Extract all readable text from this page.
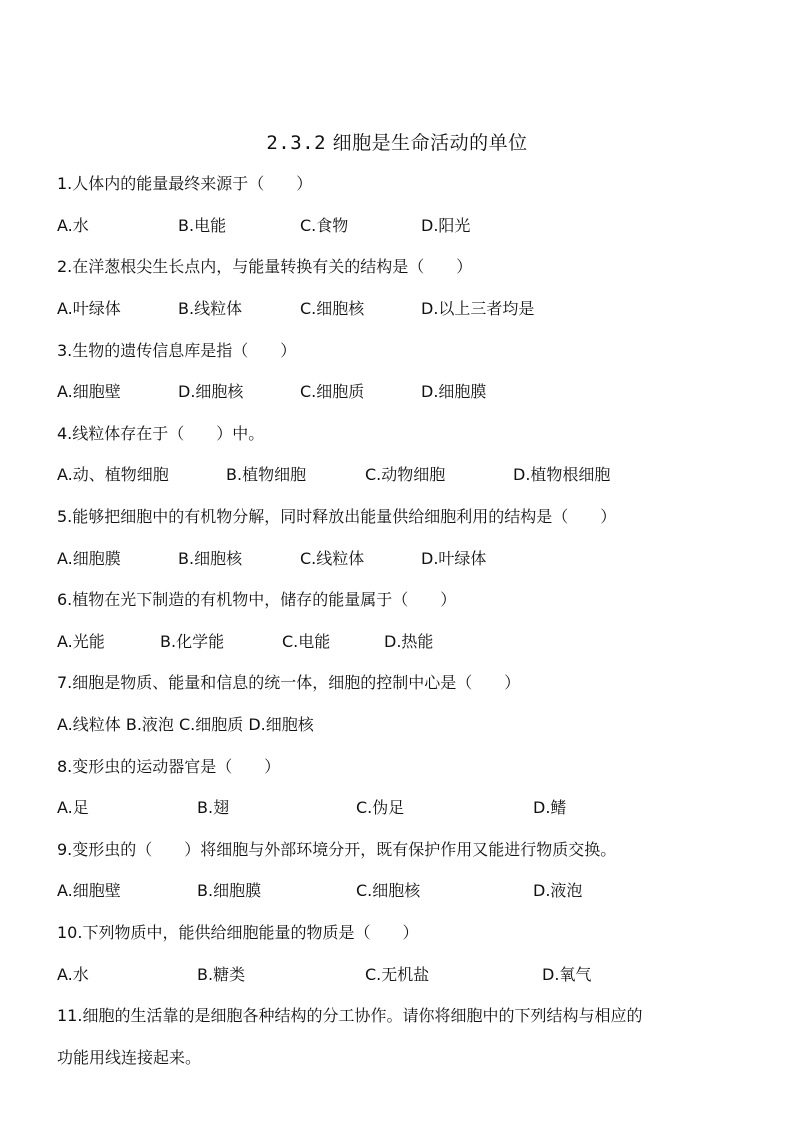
2.3.2 细胞是生命活动的单位
1.人体内的能量最终来源于（　　）
A.水	B.电能	C.食物	D.阳光
2.在洋葱根尖生长点内，与能量转换有关的结构是（　　）
A.叶绿体	B.线粒体	C.细胞核	D.以上三者均是
3.生物的遗传信息库是指（　　）
A.细胞壁	D.细胞核	C.细胞质	D.细胞膜
4.线粒体存在于（　　）中。
A.动、植物细胞	B.植物细胞	C.动物细胞	D.植物根细胞
5.能够把细胞中的有机物分解，同时释放出能量供给细胞利用的结构是（　　）
A.细胞膜	B.细胞核	C.线粒体	D.叶绿体
6.植物在光下制造的有机物中，储存的能量属于（　　）
A.光能	B.化学能	C.电能	D.热能
7.细胞是物质、能量和信息的统一体，细胞的控制中心是（　　）
A.线粒体 B.液泡 C.细胞质 D.细胞核
8.变形虫的运动器官是（　　）
A.足	B.翅	C.伪足	D.鳍
9.变形虫的（　　）将细胞与外部环境分开，既有保护作用又能进行物质交换。
A.细胞壁	B.细胞膜	C.细胞核	D.液泡
10.下列物质中，能供给细胞能量的物质是（　　）
A.水	B.糖类	C.无机盐	D.氧气
11.细胞的生活靠的是细胞各种结构的分工协作。请你将细胞中的下列结构与相应的
功能用线连接起来。
